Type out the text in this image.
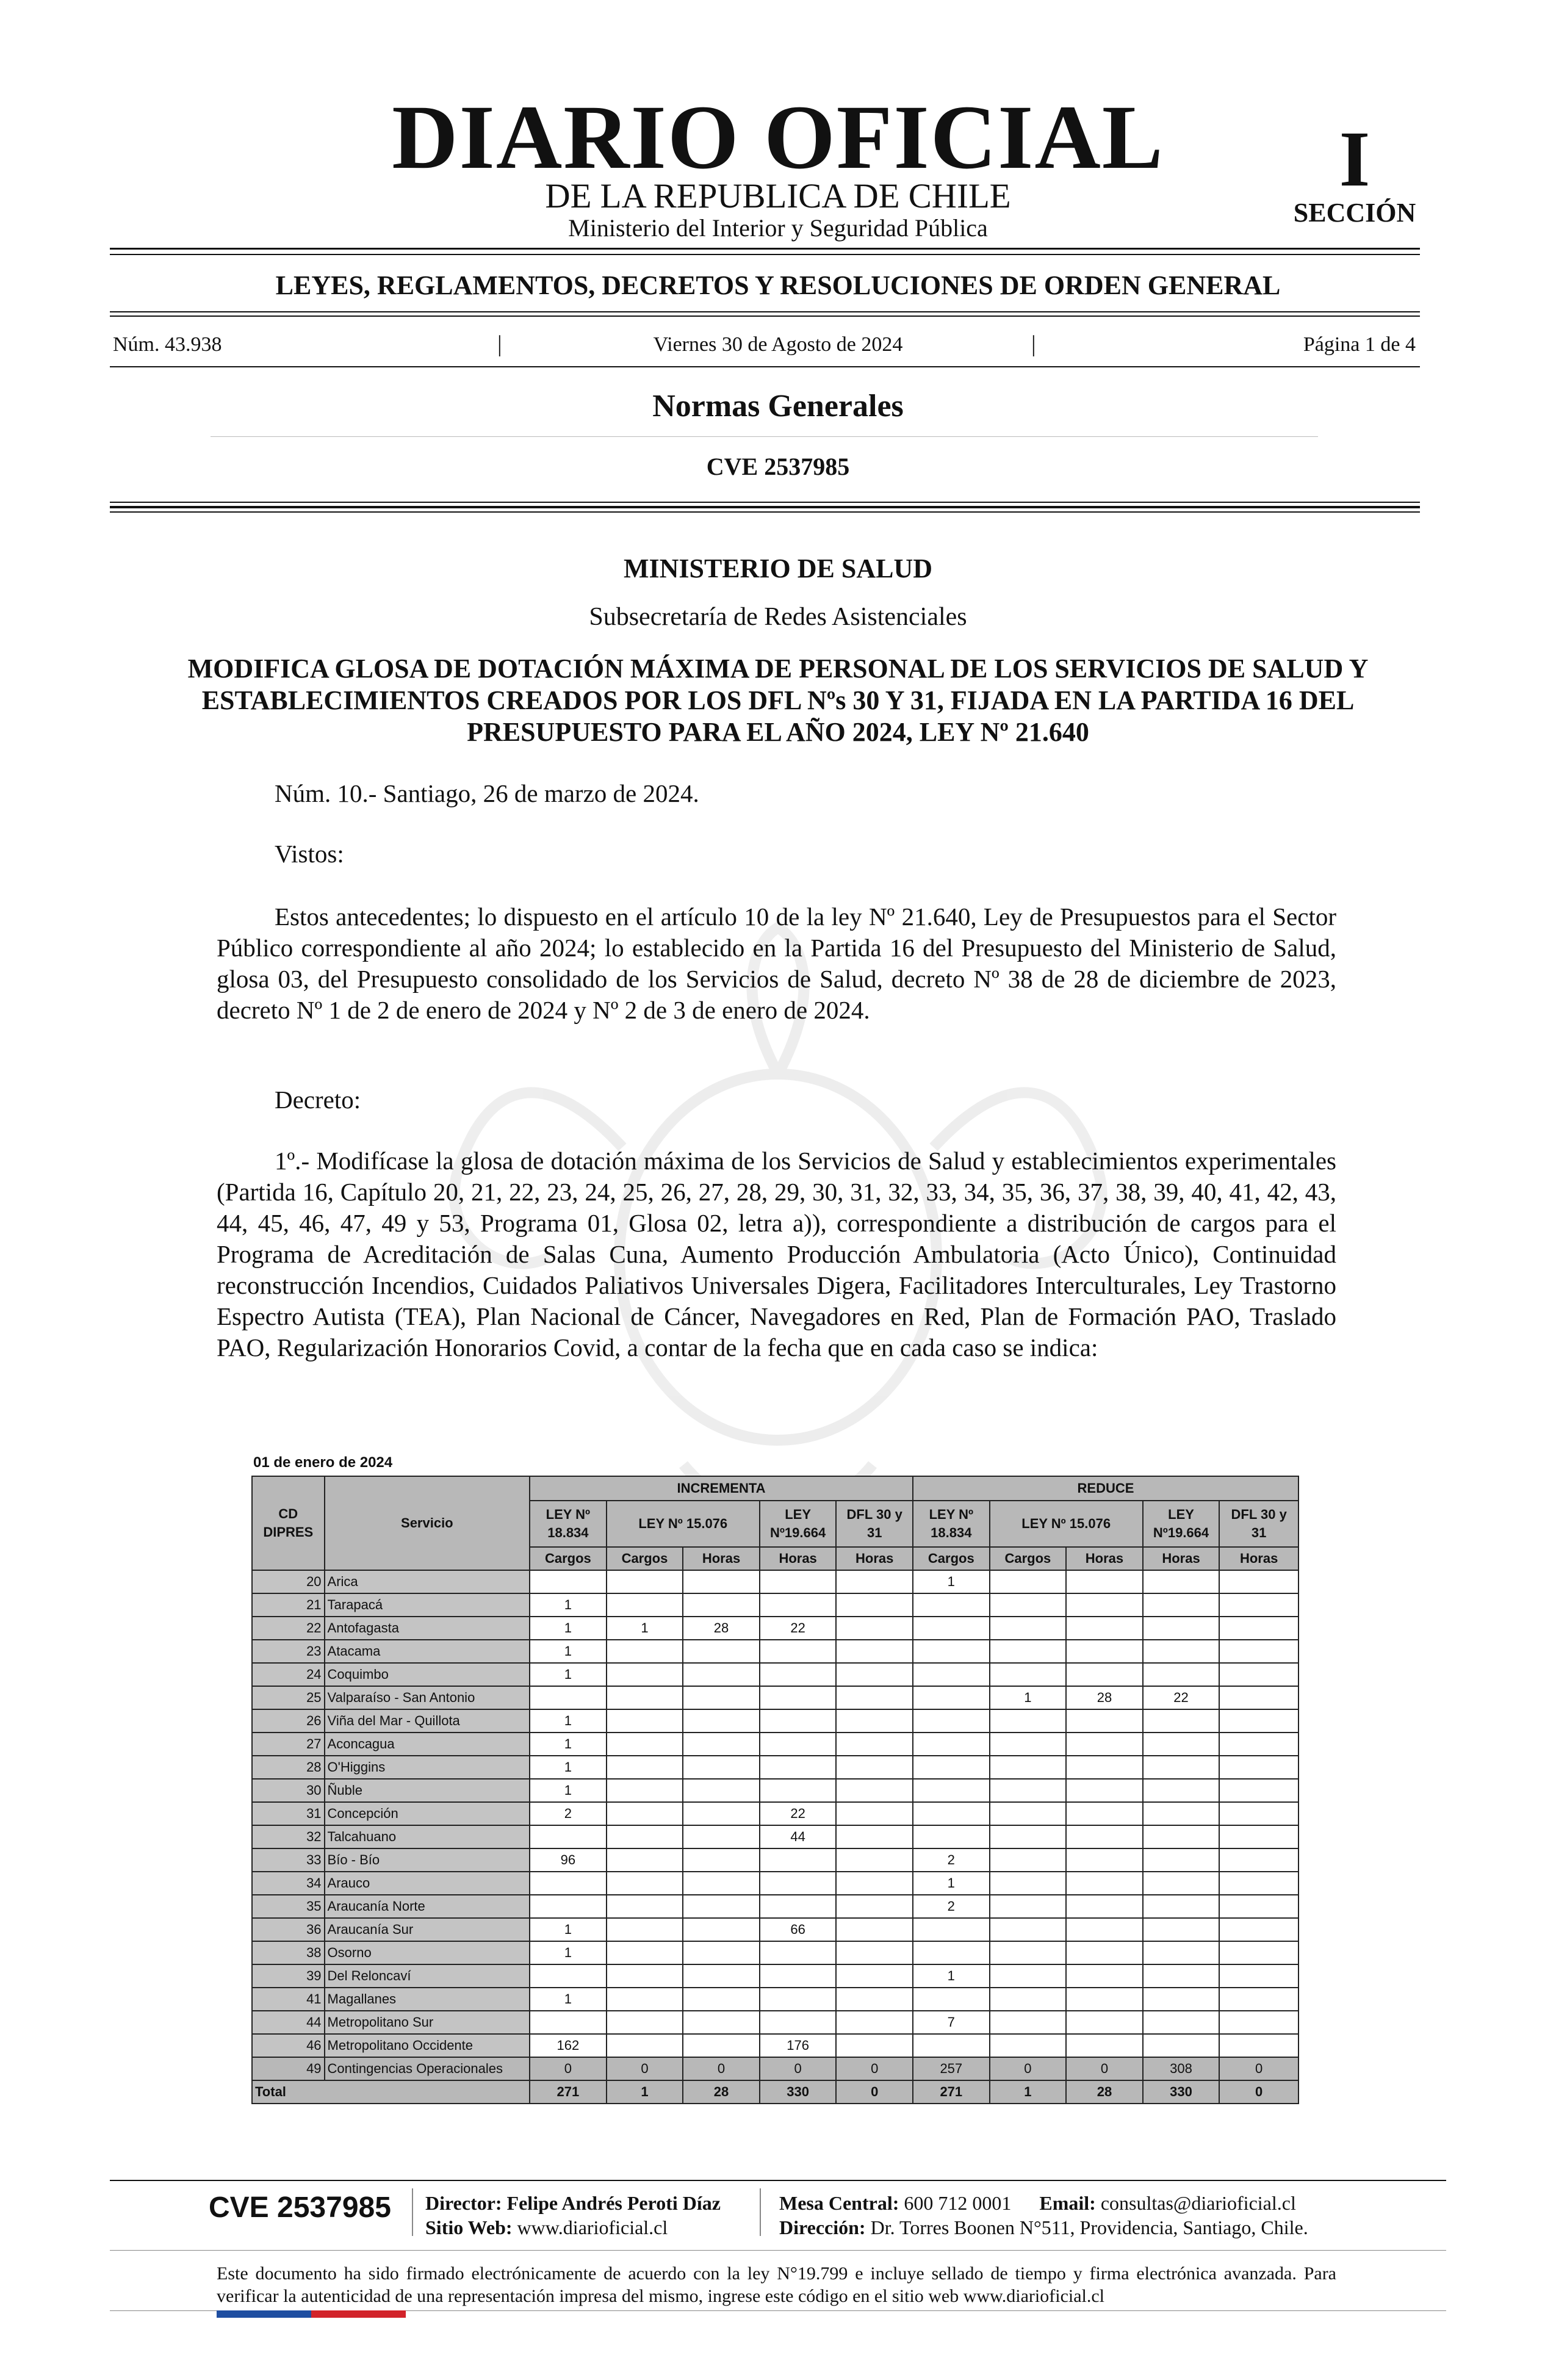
DIARIO OFICIAL
DE LA REPUBLICA DE CHILE
Ministerio del Interior y Seguridad Pública
I
SECCIÓN
LEYES, REGLAMENTOS, DECRETOS Y RESOLUCIONES DE ORDEN GENERAL
Núm. 43.938	|	Viernes 30 de Agosto de 2024	|	Página 1 de 4
Normas Generales
CVE 2537985
MINISTERIO DE SALUD
Subsecretaría de Redes Asistenciales
MODIFICA GLOSA DE DOTACIÓN MÁXIMA DE PERSONAL DE LOS SERVICIOS DE SALUD Y ESTABLECIMIENTOS CREADOS POR LOS DFL Nºs 30 Y 31, FIJADA EN LA PARTIDA 16 DEL PRESUPUESTO PARA EL AÑO 2024, LEY Nº 21.640
Núm. 10.- Santiago, 26 de marzo de 2024.
Vistos:
Estos antecedentes; lo dispuesto en el artículo 10 de la ley Nº 21.640, Ley de Presupuestos para el Sector Público correspondiente al año 2024; lo establecido en la Partida 16 del Presupuesto del Ministerio de Salud, glosa 03, del Presupuesto consolidado de los Servicios de Salud, decreto Nº 38 de 28 de diciembre de 2023, decreto Nº 1 de 2 de enero de 2024 y Nº 2 de 3 de enero de 2024.
Decreto:
1º.- Modifícase la glosa de dotación máxima de los Servicios de Salud y establecimientos experimentales (Partida 16, Capítulo 20, 21, 22, 23, 24, 25, 26, 27, 28, 29, 30, 31, 32, 33, 34, 35, 36, 37, 38, 39, 40, 41, 42, 43, 44, 45, 46, 47, 49 y 53, Programa 01, Glosa 02, letra a)), correspondiente a distribución de cargos para el Programa de Acreditación de Salas Cuna, Aumento Producción Ambulatoria (Acto Único), Continuidad reconstrucción Incendios, Cuidados Paliativos Universales Digera, Facilitadores Interculturales, Ley Trastorno Espectro Autista (TEA), Plan Nacional de Cáncer, Navegadores en Red, Plan de Formación PAO, Traslado PAO, Regularización Honorarios Covid, a contar de la fecha que en cada caso se indica:
01 de enero de 2024
CD DIPRES	Servicio	INCREMENTA					REDUCE				
		LEY Nº 18.834	LEY Nº 15.076		LEY Nº19.664	DFL 30 y 31	LEY Nº 18.834	LEY Nº 15.076		LEY Nº19.664	DFL 30 y 31
		Cargos	Cargos	Horas	Horas	Horas	Cargos	Cargos	Horas	Horas	Horas
20	Arica						1				
21	Tarapacá	1									
22	Antofagasta	1	1	28	22						
23	Atacama	1									
24	Coquimbo	1									
25	Valparaíso - San Antonio							1	28	22	
26	Viña del Mar - Quillota	1									
27	Aconcagua	1									
28	O'Higgins	1									
30	Ñuble	1									
31	Concepción	2			22						
32	Talcahuano				44						
33	Bío - Bío	96					2				
34	Arauco						1				
35	Araucanía Norte						2				
36	Araucanía Sur	1			66						
38	Osorno	1									
39	Del Reloncaví						1				
41	Magallanes	1									
44	Metropolitano Sur						7				
46	Metropolitano Occidente	162			176						
49	Contingencias Operacionales	0	0	0	0	0	257	0	0	308	0
Total		271	1	28	330	0	271	1	28	330	0
CVE 2537985 Director: Felipe Andrés Peroti Díaz
Sitio Web: www.diarioficial.cl
Mesa Central: 600 712 0001 Email: consultas@diarioficial.cl
Dirección: Dr. Torres Boonen N°511, Providencia, Santiago, Chile.
Este documento ha sido firmado electrónicamente de acuerdo con la ley N°19.799 e incluye sellado de tiempo y firma electrónica avanzada. Para verificar la autenticidad de una representación impresa del mismo, ingrese este código en el sitio web www.diarioficial.cl
